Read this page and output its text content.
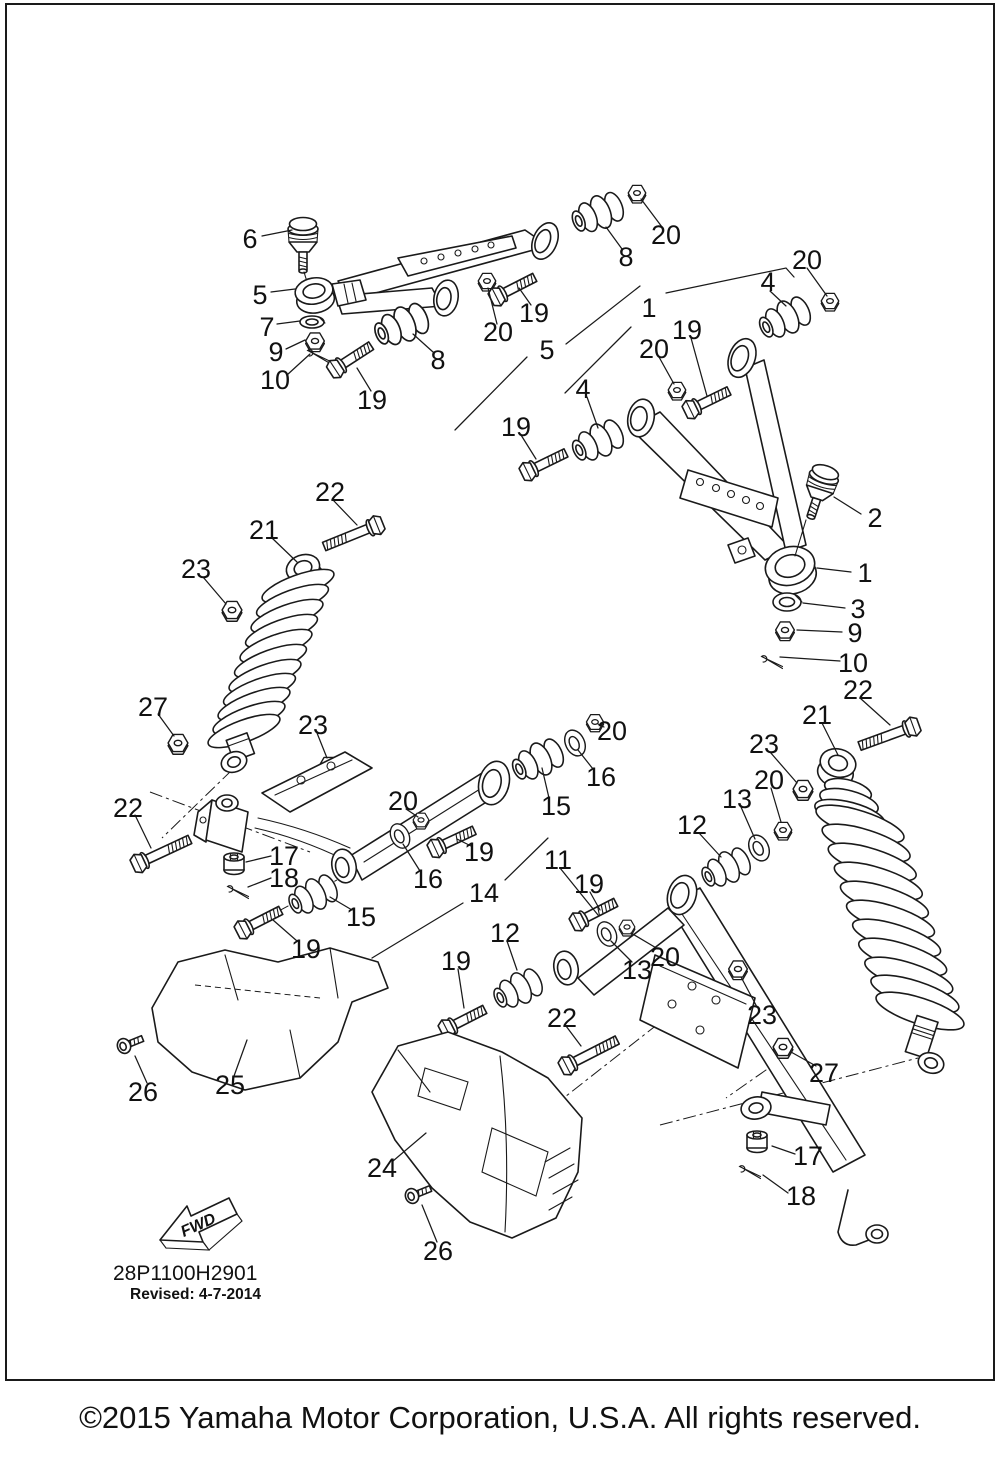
FWD
28P1100H2901
Revised: 4-7-2014
©2015 Yamaha Motor Corporation, U.S.A. All rights reserved.
6
5
7
9
10
19
8
20
19
5
8
20
1
4
20
20
19
4
19
2
1
3
9
10
22
21
23
27
23
22
21
23
20
13
12
22
17
18
15
19
16
20
19
15
16
20
14
11
12
19
13
20
19
22	23
27
17
18
26 25
24
26
